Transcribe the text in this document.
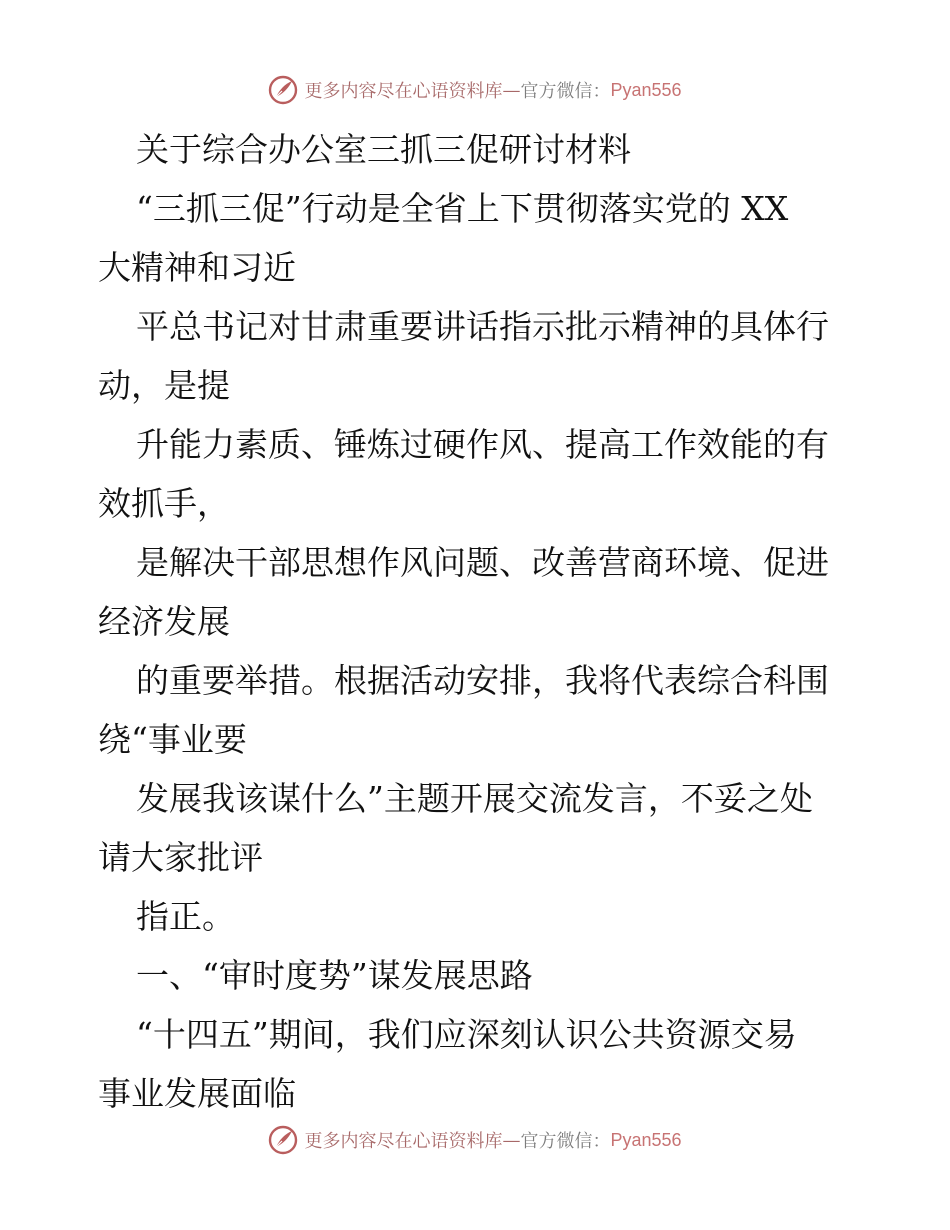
更多内容尽在心语资料库 — 官方微信： Pyan556
关于综合办公室三抓三促研讨材料
“三抓三促”行动是全省上下贯彻落实党的 XX
大精神和习近
平总书记对甘肃重要讲话指示批示精神的具体行
动，是提
升能力素质、锤炼过硬作风、提高工作效能的有
效抓手，
是解决干部思想作风问题、改善营商环境、促进
经济发展
的重要举措。根据活动安排，我将代表综合科围
绕“事业要
发展我该谋什么”主题开展交流发言，不妥之处
请大家批评
指正。
一、“审时度势”谋发展思路
“十四五”期间，我们应深刻认识公共资源交易
事业发展面临
更多内容尽在心语资料库 — 官方微信： Pyan556
